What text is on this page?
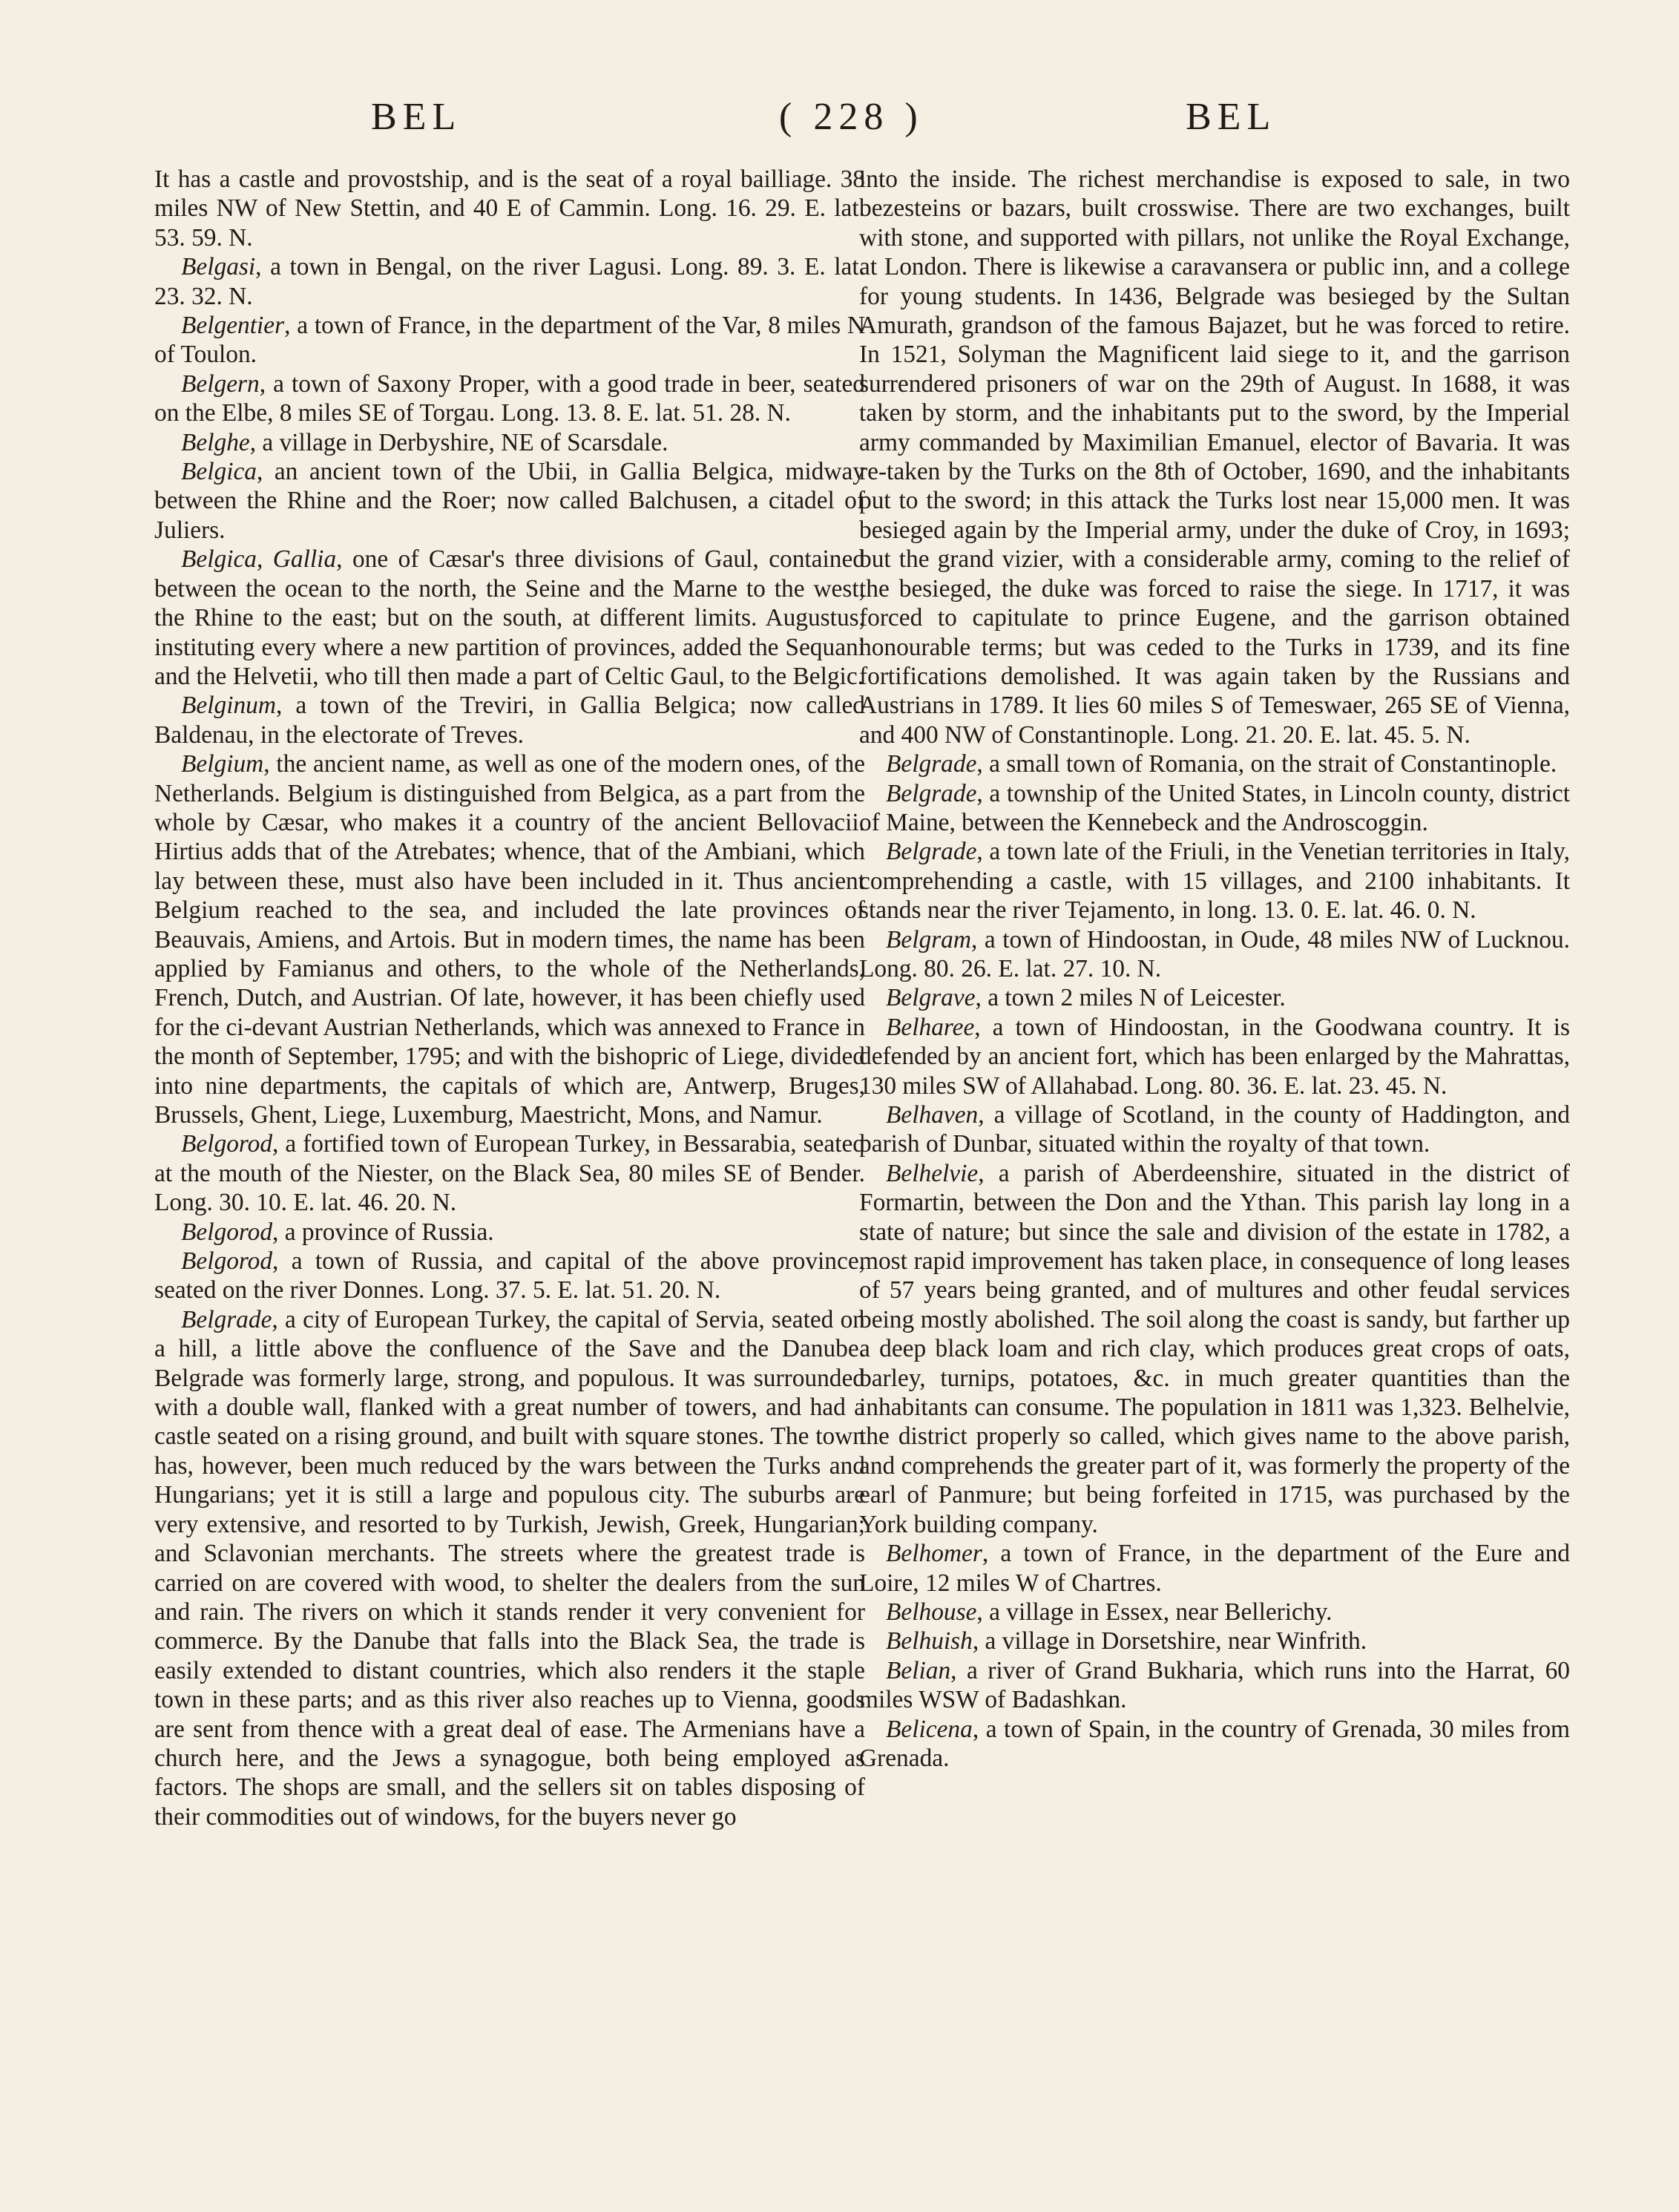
BEL	( 228 )	BEL

It has a castle and provostship, and is the seat of a royal bailliage. 38 miles NW of New Stettin, and 40 E of Cammin. Long. 16. 29. E. lat. 53. 59. N.

Belgasi, a town in Bengal, on the river Lagusi. Long. 89. 3. E. lat. 23. 32. N.

Belgentier, a town of France, in the department of the Var, 8 miles N of Toulon.

Belgern, a town of Saxony Proper, with a good trade in beer, seated on the Elbe, 8 miles SE of Torgau. Long. 13. 8. E. lat. 51. 28. N.

Belghe, a village in Derbyshire, NE of Scarsdale.

Belgica, an ancient town of the Ubii, in Gallia Belgica, midway between the Rhine and the Roer; now called Balchusen, a citadel of Juliers.

Belgica, Gallia, one of Cæsar's three divisions of Gaul, contained between the ocean to the north, the Seine and the Marne to the west, the Rhine to the east; but on the south, at different limits. Augustus, instituting every where a new partition of provinces, added the Sequani and the Helvetii, who till then made a part of Celtic Gaul, to the Belgic.

Belginum, a town of the Treviri, in Gallia Belgica; now called Baldenau, in the electorate of Treves.

Belgium, the ancient name, as well as one of the modern ones, of the Netherlands. Belgium is distinguished from Belgica, as a part from the whole by Cæsar, who makes it a country of the ancient Bellovacii. Hirtius adds that of the Atrebates; whence, that of the Ambiani, which lay between these, must also have been included in it. Thus ancient Belgium reached to the sea, and included the late provinces of Beauvais, Amiens, and Artois. But in modern times, the name has been applied by Famianus and others, to the whole of the Netherlands, French, Dutch, and Austrian. Of late, however, it has been chiefly used for the ci-devant Austrian Netherlands, which was annexed to France in the month of September, 1795; and with the bishopric of Liege, divided into nine departments, the capitals of which are, Antwerp, Bruges, Brussels, Ghent, Liege, Luxemburg, Maestricht, Mons, and Namur.

Belgorod, a fortified town of European Turkey, in Bessarabia, seated at the mouth of the Niester, on the Black Sea, 80 miles SE of Bender. Long. 30. 10. E. lat. 46. 20. N.

Belgorod, a province of Russia.

Belgorod, a town of Russia, and capital of the above province, seated on the river Donnes. Long. 37. 5. E. lat. 51. 20. N.

Belgrade, a city of European Turkey, the capital of Servia, seated on a hill, a little above the confluence of the Save and the Danube. Belgrade was formerly large, strong, and populous. It was surrounded with a double wall, flanked with a great number of towers, and had a castle seated on a rising ground, and built with square stones. The town has, however, been much reduced by the wars between the Turks and Hungarians; yet it is still a large and populous city. The suburbs are very extensive, and resorted to by Turkish, Jewish, Greek, Hungarian; and Sclavonian merchants. The streets where the greatest trade is carried on are covered with wood, to shelter the dealers from the sun and rain. The rivers on which it stands render it very convenient for commerce. By the Danube that falls into the Black Sea, the trade is easily extended to distant countries, which also renders it the staple town in these parts; and as this river also reaches up to Vienna, goods are sent from thence with a great deal of ease. The Armenians have a church here, and the Jews a synagogue, both being employed as factors. The shops are small, and the sellers sit on tables disposing of their commodities out of windows, for the buyers never go

into the inside. The richest merchandise is exposed to sale, in two bezesteins or bazars, built crosswise. There are two exchanges, built with stone, and supported with pillars, not unlike the Royal Exchange, at London. There is likewise a caravansera or public inn, and a college for young students. In 1436, Belgrade was besieged by the Sultan Amurath, grandson of the famous Bajazet, but he was forced to retire. In 1521, Solyman the Magnificent laid siege to it, and the garrison surrendered prisoners of war on the 29th of August. In 1688, it was taken by storm, and the inhabitants put to the sword, by the Imperial army commanded by Maximilian Emanuel, elector of Bavaria. It was re-taken by the Turks on the 8th of October, 1690, and the inhabitants put to the sword; in this attack the Turks lost near 15,000 men. It was besieged again by the Imperial army, under the duke of Croy, in 1693; but the grand vizier, with a considerable army, coming to the relief of the besieged, the duke was forced to raise the siege. In 1717, it was forced to capitulate to prince Eugene, and the garrison obtained honourable terms; but was ceded to the Turks in 1739, and its fine fortifications demolished. It was again taken by the Russians and Austrians in 1789. It lies 60 miles S of Temeswaer, 265 SE of Vienna, and 400 NW of Constantinople. Long. 21. 20. E. lat. 45. 5. N.

Belgrade, a small town of Romania, on the strait of Constantinople.

Belgrade, a township of the United States, in Lincoln county, district of Maine, between the Kennebeck and the Androscoggin.

Belgrade, a town late of the Friuli, in the Venetian territories in Italy, comprehending a castle, with 15 villages, and 2100 inhabitants. It stands near the river Tejamento, in long. 13. 0. E. lat. 46. 0. N.

Belgram, a town of Hindoostan, in Oude, 48 miles NW of Lucknou. Long. 80. 26. E. lat. 27. 10. N.

Belgrave, a town 2 miles N of Leicester.

Belharee, a town of Hindoostan, in the Goodwana country. It is defended by an ancient fort, which has been enlarged by the Mahrattas, 130 miles SW of Allahabad. Long. 80. 36. E. lat. 23. 45. N.

Belhaven, a village of Scotland, in the county of Haddington, and parish of Dunbar, situated within the royalty of that town.

Belhelvie, a parish of Aberdeenshire, situated in the district of Formartin, between the Don and the Ythan. This parish lay long in a state of nature; but since the sale and division of the estate in 1782, a most rapid improvement has taken place, in consequence of long leases of 57 years being granted, and of multures and other feudal services being mostly abolished. The soil along the coast is sandy, but farther up a deep black loam and rich clay, which produces great crops of oats, barley, turnips, potatoes, &c. in much greater quantities than the inhabitants can consume. The population in 1811 was 1,323. Belhelvie, the district properly so called, which gives name to the above parish, and comprehends the greater part of it, was formerly the property of the earl of Panmure; but being forfeited in 1715, was purchased by the York building company.

Belhomer, a town of France, in the department of the Eure and Loire, 12 miles W of Chartres.

Belhouse, a village in Essex, near Bellerichy.

Belhuish, a village in Dorsetshire, near Winfrith.

Belian, a river of Grand Bukharia, which runs into the Harrat, 60 miles WSW of Badashkan.

Belicena, a town of Spain, in the country of Grenada, 30 miles from Grenada.
